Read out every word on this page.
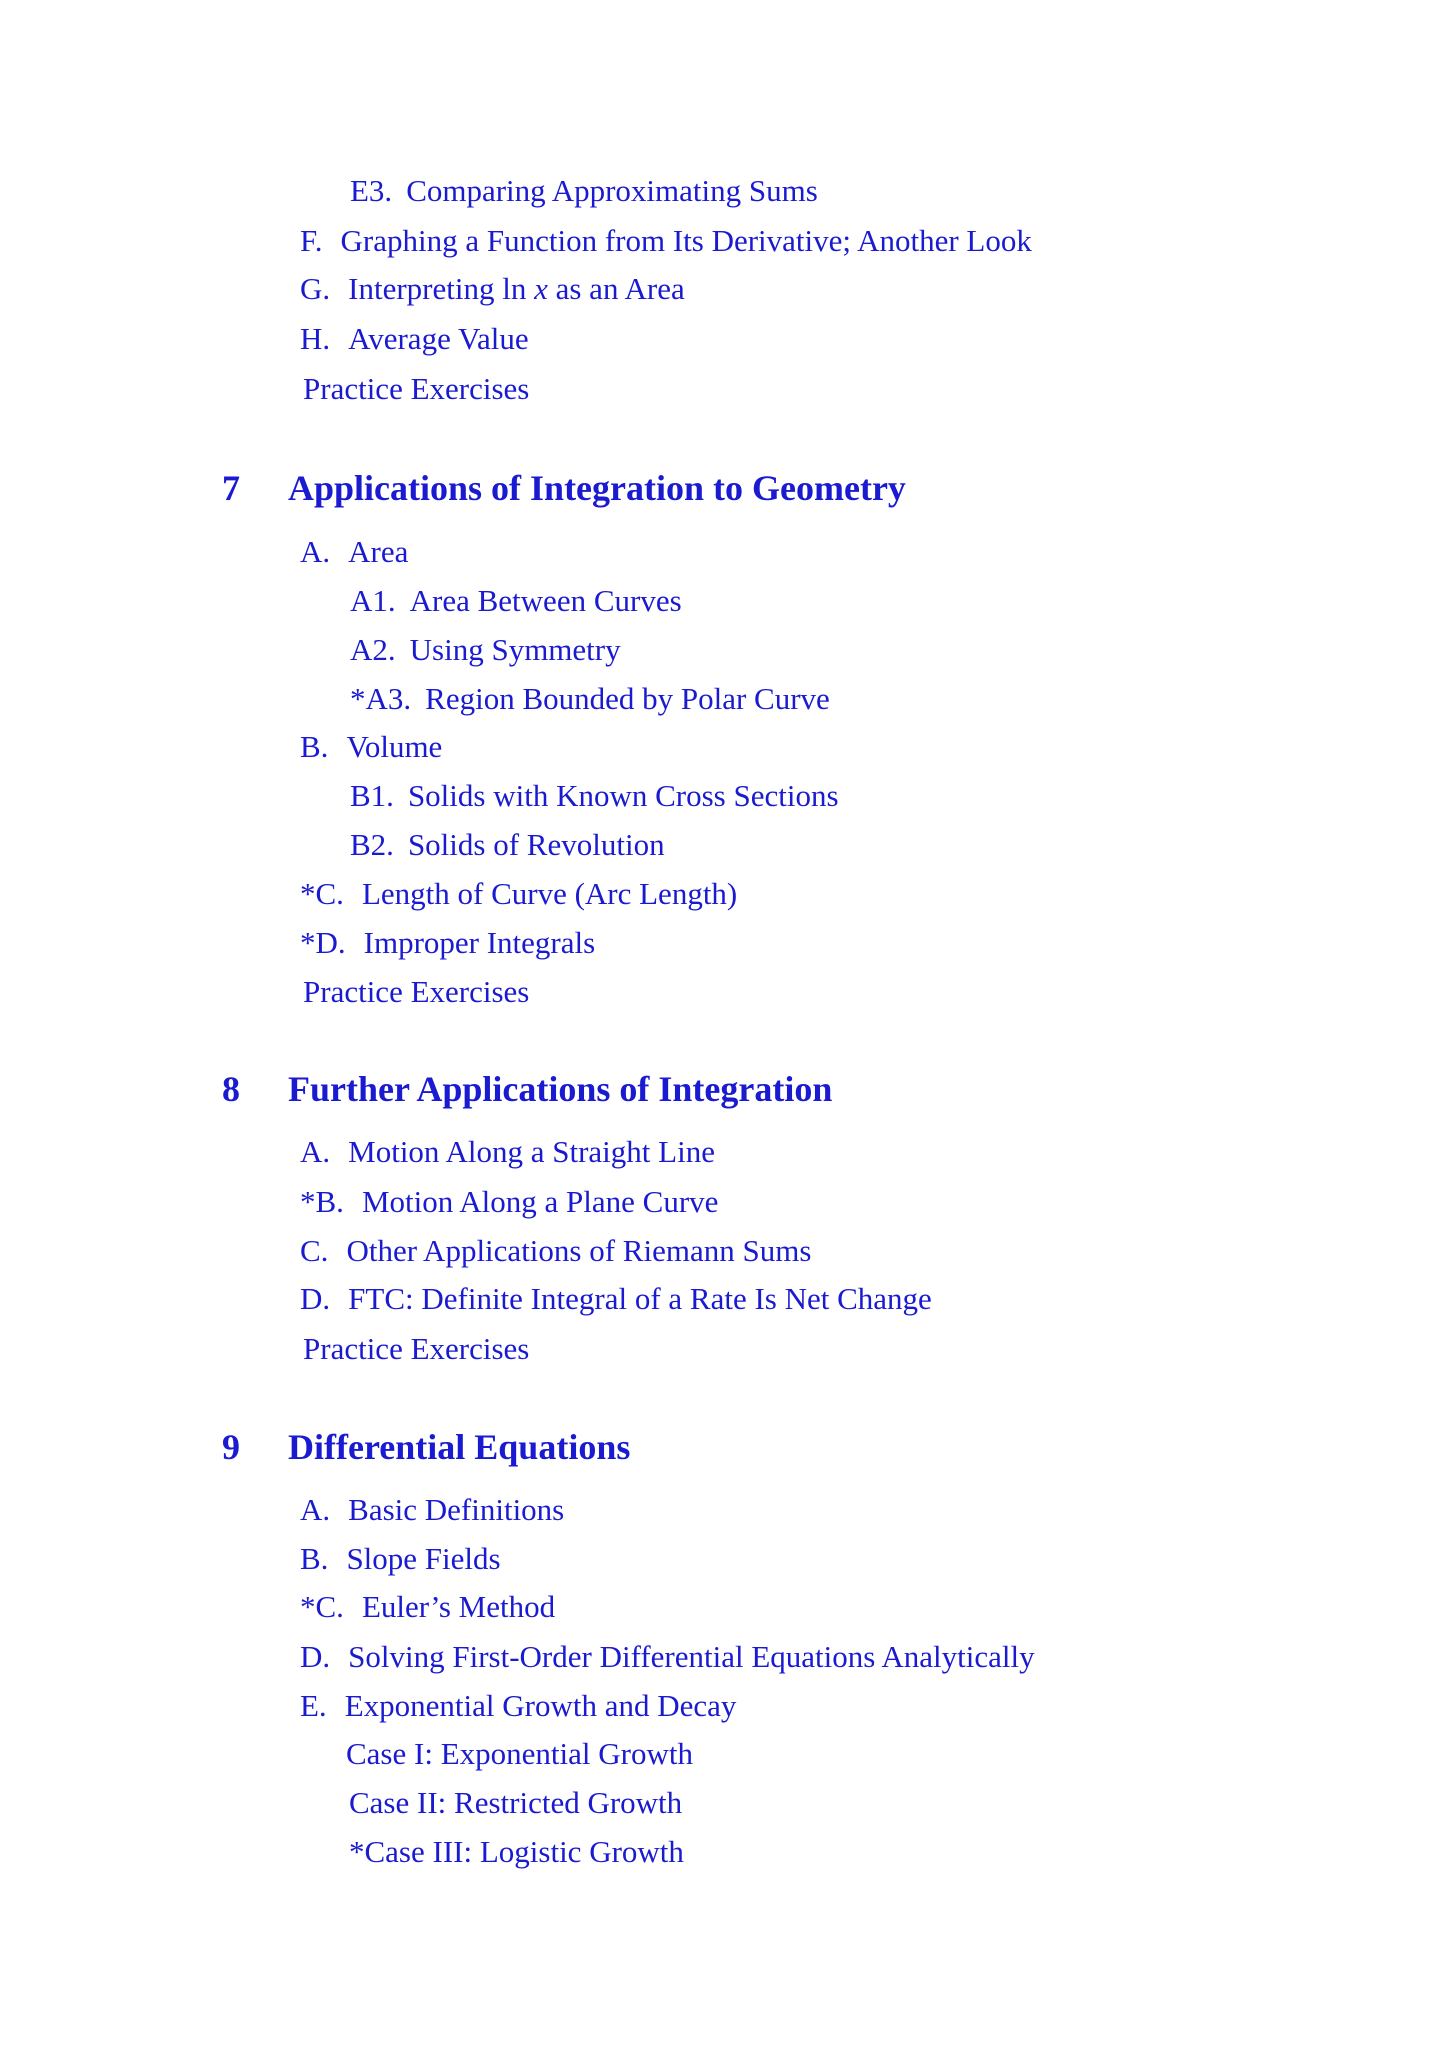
E3. Comparing Approximating Sums
F. Graphing a Function from Its Derivative; Another Look
G. Interpreting ln x as an Area
H. Average Value
Practice Exercises
7 Applications of Integration to Geometry
A. Area
A1. Area Between Curves
A2. Using Symmetry
*A3. Region Bounded by Polar Curve
B. Volume
B1. Solids with Known Cross Sections
B2. Solids of Revolution
*C. Length of Curve (Arc Length)
*D. Improper Integrals
Practice Exercises
8 Further Applications of Integration
A. Motion Along a Straight Line
*B. Motion Along a Plane Curve
C. Other Applications of Riemann Sums
D. FTC: Definite Integral of a Rate Is Net Change
Practice Exercises
9 Differential Equations
A. Basic Definitions
B. Slope Fields
*C. Euler’s Method
D. Solving First-Order Differential Equations Analytically
E. Exponential Growth and Decay
Case I: Exponential Growth
Case II: Restricted Growth
*Case III: Logistic Growth
